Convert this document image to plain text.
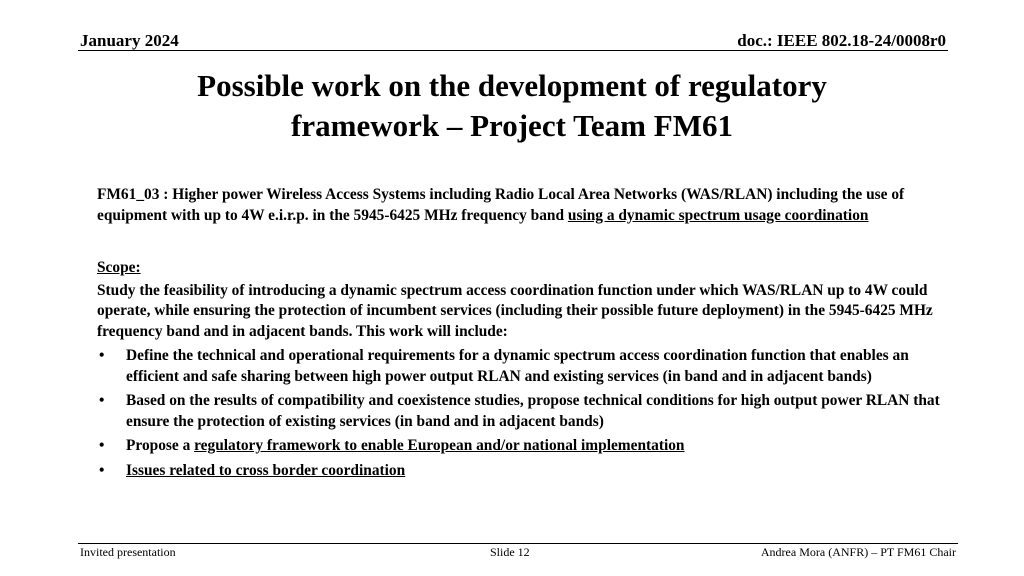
January 2024	doc.: IEEE 802.18-24/0008r0
Possible work on the development of regulatory
framework – Project Team FM61

FM61_03 : Higher power Wireless Access Systems including Radio Local Area Networks (WAS/RLAN) including the use of equipment with up to 4W e.i.r.p. in the 5945-6425 MHz frequency band using a dynamic spectrum usage coordination

Scope:

Study the feasibility of introducing a dynamic spectrum access coordination function under which WAS/RLAN up to 4W could operate, while ensuring the protection of incumbent services (including their possible future deployment) in the 5945-6425 MHz frequency band and in adjacent bands. This work will include:

• Define the technical and operational requirements for a dynamic spectrum access coordination function that enables an efficient and safe sharing between high power output RLAN and existing services (in band and in adjacent bands)
• Based on the results of compatibility and coexistence studies, propose technical conditions for high output power RLAN that ensure the protection of existing services (in band and in adjacent bands)
• Propose a regulatory framework to enable European and/or national implementation
• Issues related to cross border coordination
Invited presentation	Slide 12	Andrea Mora (ANFR) – PT FM61 Chair
